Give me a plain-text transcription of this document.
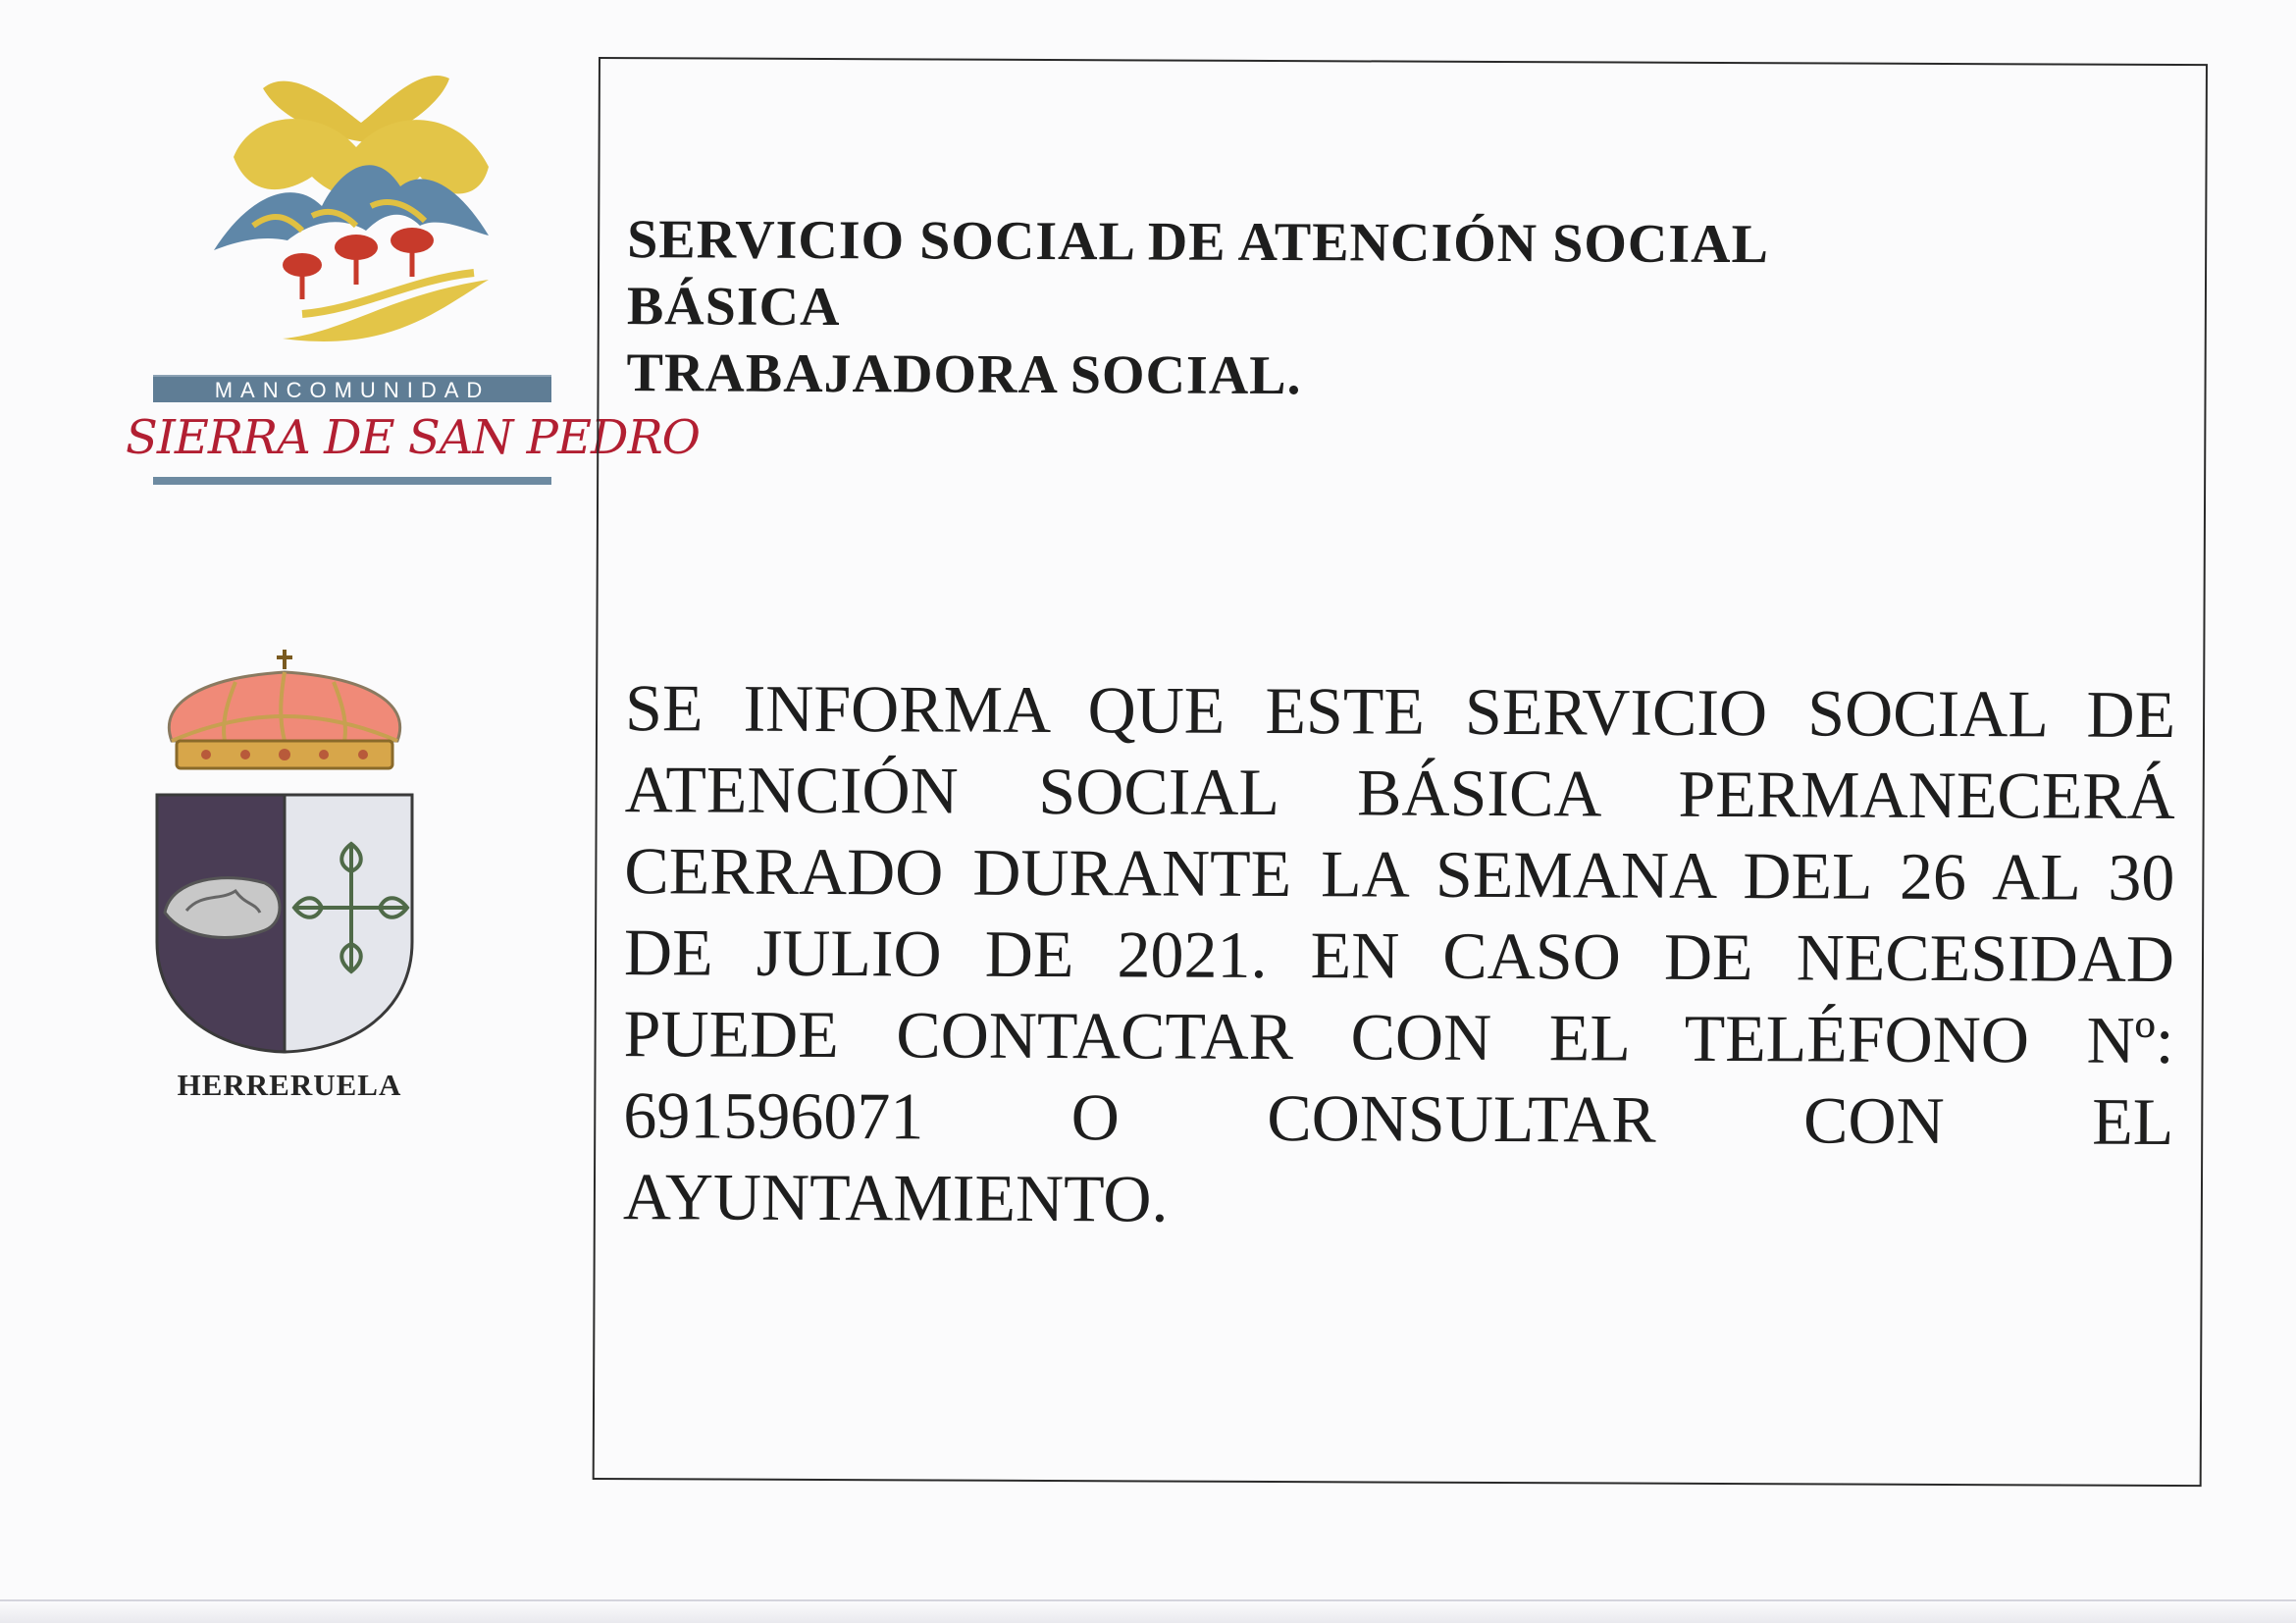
MANCOMUNIDAD
SIERRA DE SAN PEDRO
HERRERUELA
SERVICIO SOCIAL DE ATENCIÓN SOCIAL
BÁSICA
TRABAJADORA SOCIAL.

SE INFORMA QUE ESTE SERVICIO SOCIAL DE ATENCIÓN SOCIAL BÁSICA PERMANECERÁ CERRADO DURANTE LA SEMANA DEL 26 AL 30 DE JULIO DE 2021. EN CASO DE NECESIDAD PUEDE CONTACTAR CON EL TELÉFONO Nº: 691596071 O CONSULTAR CON EL AYUNTAMIENTO.
